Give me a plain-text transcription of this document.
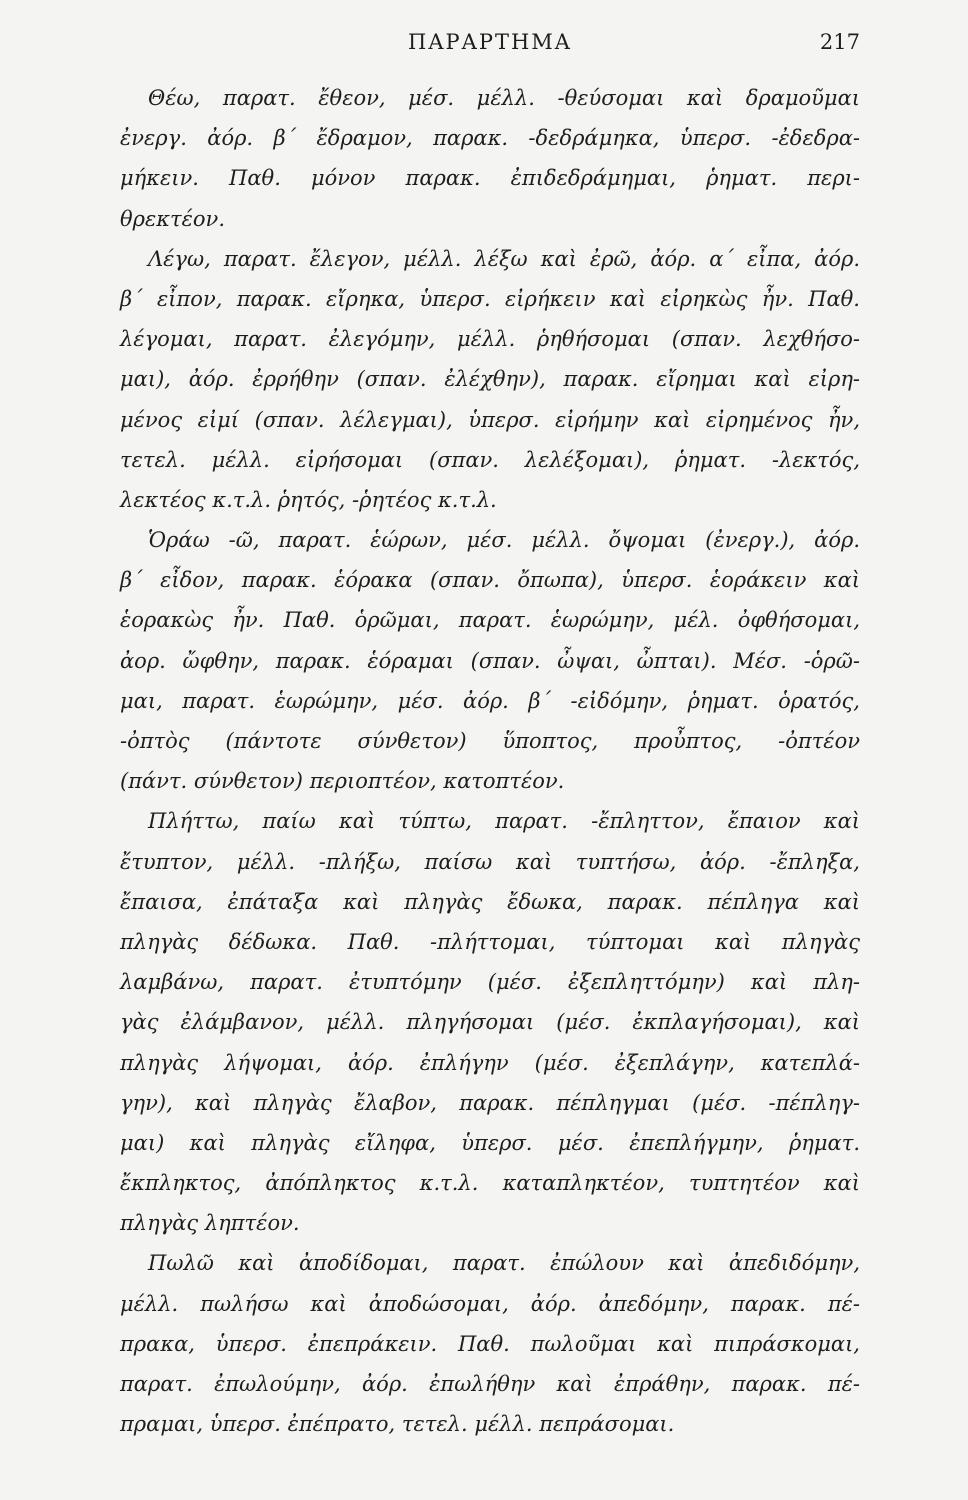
ΠΑΡΑΡΤΗΜΑ	217
Θέω, παρατ. ἔθεον, μέσ. μέλλ. -θεύσομαι καὶ δραμοῦμαι
ἐνεργ. ἀόρ. β΄ ἔδραμον, παρακ. -δεδράμηκα, ὑπερσ. -ἐδεδρα-
μήκειν. Παθ. μόνον παρακ. ἐπιδεδράμημαι, ῥηματ. περι-
θρεκτέον.
Λέγω, παρατ. ἔλεγον, μέλλ. λέξω καὶ ἐρῶ, ἀόρ. α΄ εἶπα, ἀόρ.
β΄ εἶπον, παρακ. εἴρηκα, ὑπερσ. εἰρήκειν καὶ εἰρηκὼς ἦν. Παθ.
λέγομαι, παρατ. ἐλεγόμην, μέλλ. ῥηθήσομαι (σπαν. λεχθήσο-
μαι), ἀόρ. ἐρρήθην (σπαν. ἐλέχθην), παρακ. εἴρημαι καὶ εἰρη-
μένος εἰμί (σπαν. λέλεγμαι), ὑπερσ. εἰρήμην καὶ εἰρημένος ἦν,
τετελ. μέλλ. εἰρήσομαι (σπαν. λελέξομαι), ῥηματ. -λεκτός,
λεκτέος κ.τ.λ. ῥητός, -ῥητέος κ.τ.λ.
Ὁράω -ῶ, παρατ. ἑώρων, μέσ. μέλλ. ὄψομαι (ἐνεργ.), ἀόρ.
β΄ εἶδον, παρακ. ἑόρακα (σπαν. ὄπωπα), ὑπερσ. ἑοράκειν καὶ
ἑορακὼς ἦν. Παθ. ὁρῶμαι, παρατ. ἑωρώμην, μέλ. ὀφθήσομαι,
ἀορ. ὤφθην, παρακ. ἑόραμαι (σπαν. ὦψαι, ὦπται). Μέσ. -ὁρῶ-
μαι, παρατ. ἑωρώμην, μέσ. ἀόρ. β΄ -εἰδόμην, ῥηματ. ὁρατός,
-ὀπτὸς (πάντοτε σύνθετον) ὕποπτος, προὖπτος, -ὀπτέον
(πάντ. σύνθετον) περιοπτέον, κατοπτέον.
Πλήττω, παίω καὶ τύπτω, παρατ. -ἔπληττον, ἔπαιον καὶ
ἔτυπτον, μέλλ. -πλήξω, παίσω καὶ τυπτήσω, ἀόρ. -ἔπληξα,
ἔπαισα, ἐπάταξα καὶ πληγὰς ἔδωκα, παρακ. πέπληγα καὶ
πληγὰς δέδωκα. Παθ. -πλήττομαι, τύπτομαι καὶ πληγὰς
λαμβάνω, παρατ. ἐτυπτόμην (μέσ. ἐξεπληττόμην) καὶ πλη-
γὰς ἐλάμβανον, μέλλ. πληγήσομαι (μέσ. ἐκπλαγήσομαι), καὶ
πληγὰς λήψομαι, ἀόρ. ἐπλήγην (μέσ. ἐξεπλάγην, κατεπλά-
γην), καὶ πληγὰς ἔλαβον, παρακ. πέπληγμαι (μέσ. -πέπληγ-
μαι) καὶ πληγὰς εἴληφα, ὑπερσ. μέσ. ἐπεπλήγμην, ῥηματ.
ἔκπληκτος, ἀπόπληκτος κ.τ.λ. καταπληκτέον, τυπτητέον καὶ
πληγὰς ληπτέον.
Πωλῶ καὶ ἀποδίδομαι, παρατ. ἐπώλουν καὶ ἀπεδιδόμην,
μέλλ. πωλήσω καὶ ἀποδώσομαι, ἀόρ. ἀπεδόμην, παρακ. πέ-
πρακα, ὑπερσ. ἐπεπράκειν. Παθ. πωλοῦμαι καὶ πιπράσκομαι,
παρατ. ἐπωλούμην, ἀόρ. ἐπωλήθην καὶ ἐπράθην, παρακ. πέ-
πραμαι, ὑπερσ. ἐπέπρατο, τετελ. μέλλ. πεπράσομαι.
